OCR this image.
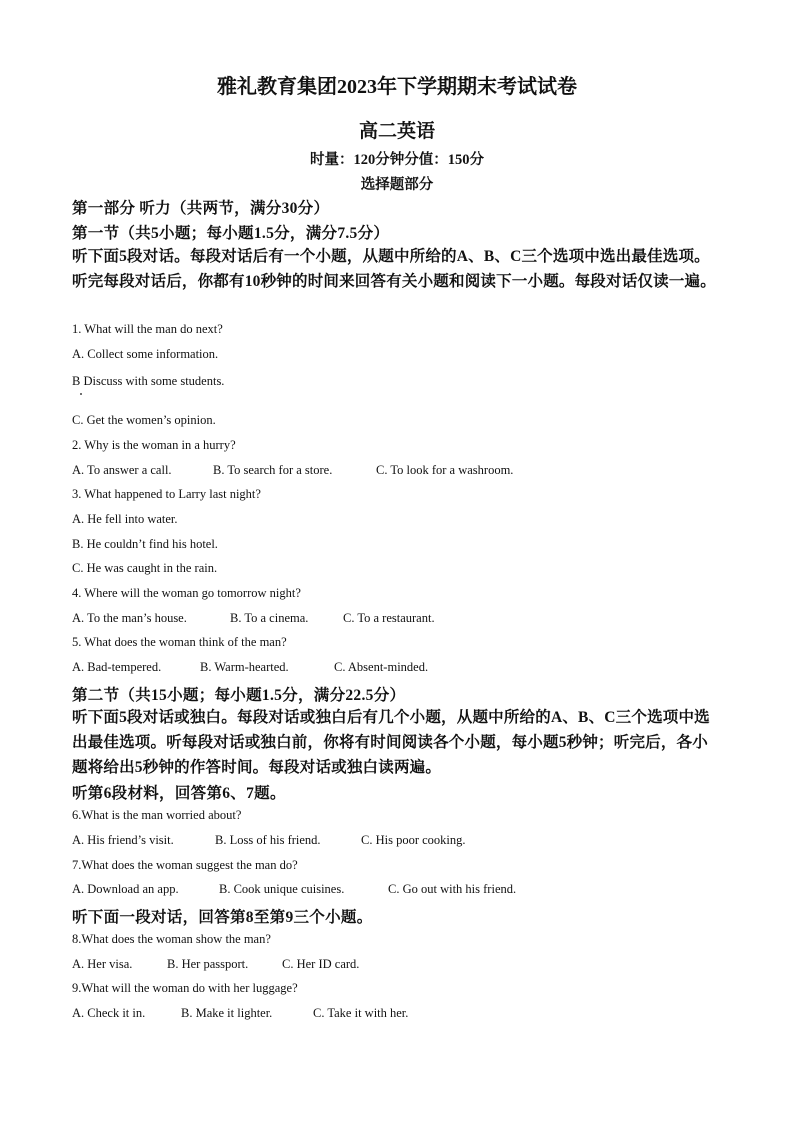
雅礼教育集团2023年下学期期末考试试卷
高二英语
时量：120分钟分值：150分
选择题部分
第一部分 听力（共两节，满分30分）
第一节（共5小题；每小题1.5分，满分7.5分）
听下面5段对话。每段对话后有一个小题，从题中所给的A、B、C三个选项中选出最佳选项。听完每段对话后，你都有10秒钟的时间来回答有关小题和阅读下一小题。每段对话仅读一遍。
1. What will the man do next?
A. Collect some information.
B Discuss with some students.
C. Get the women’s opinion.
2. Why is the woman in a hurry?
A. To answer a call.	B. To search for a store.	C. To look for a washroom.
3. What happened to Larry last night?
A. He fell into water.
B. He couldn’t find his hotel.
C. He was caught in the rain.
4. Where will the woman go tomorrow night?
A. To the man’s house.	B. To a cinema.	C. To a restaurant.
5. What does the woman think of the man?
A. Bad-tempered.	B. Warm-hearted.	C. Absent-minded.
第二节（共15小题；每小题1.5分，满分22.5分）
听下面5段对话或独白。每段对话或独白后有几个小题，从题中所给的A、B、C三个选项中选出最佳选项。听每段对话或独白前，你将有时间阅读各个小题，每小题5秒钟；听完后，各小题将给出5秒钟的作答时间。每段对话或独白读两遍。
听第6段材料，回答第6、7题。
6.What is the man worried about?
A. His friend’s visit.	B. Loss of his friend.	C. His poor cooking.
7.What does the woman suggest the man do?
A. Download an app.	B. Cook unique cuisines.	C. Go out with his friend.
听下面一段对话，回答第8至第9三个小题。
8.What does the woman show the man?
A. Her visa.	B. Her passport.	C. Her ID card.
9.What will the woman do with her luggage?
A. Check it in.	B. Make it lighter.	C. Take it with her.
